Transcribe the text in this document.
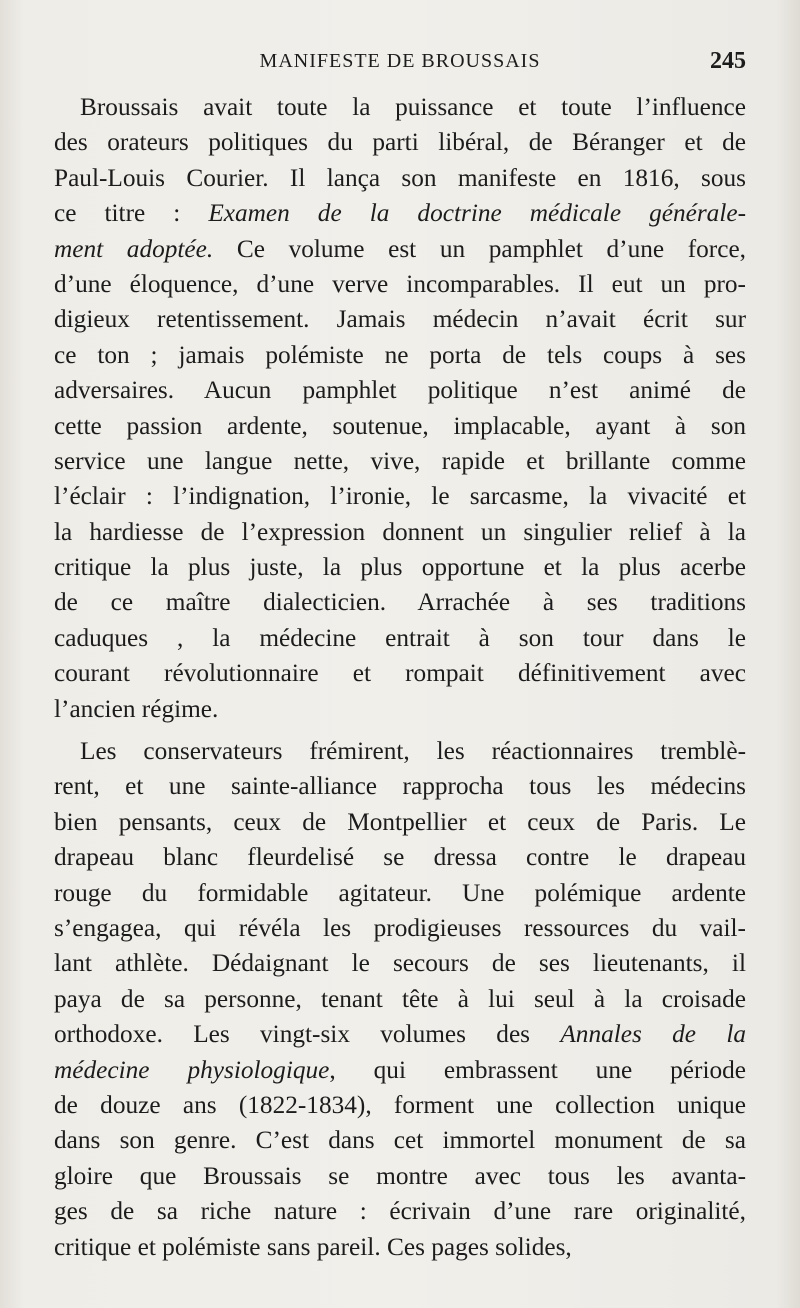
MANIFESTE DE BROUSSAIS	245
Broussais avait toute la puissance et toute l’influence
des orateurs politiques du parti libéral, de Béranger et de
Paul-Louis Courier. Il lança son manifeste en 1816, sous
ce titre : Examen de la doctrine médicale générale-
ment adoptée. Ce volume est un pamphlet d’une force,
d’une éloquence, d’une verve incomparables. Il eut un pro-
digieux retentissement. Jamais médecin n’avait écrit sur
ce ton ; jamais polémiste ne porta de tels coups à ses
adversaires. Aucun pamphlet politique n’est animé de
cette passion ardente, soutenue, implacable, ayant à son
service une langue nette, vive, rapide et brillante comme
l’éclair : l’indignation, l’ironie, le sarcasme, la vivacité et
la hardiesse de l’expression donnent un singulier relief à la
critique la plus juste, la plus opportune et la plus acerbe
de ce maître dialecticien. Arrachée à ses traditions
caduques , la médecine entrait à son tour dans le
courant révolutionnaire et rompait définitivement avec
l’ancien régime.
Les conservateurs frémirent, les réactionnaires tremblè-
rent, et une sainte-alliance rapprocha tous les médecins
bien pensants, ceux de Montpellier et ceux de Paris. Le
drapeau blanc fleurdelisé se dressa contre le drapeau
rouge du formidable agitateur. Une polémique ardente
s’engagea, qui révéla les prodigieuses ressources du vail-
lant athlète. Dédaignant le secours de ses lieutenants, il
paya de sa personne, tenant tête à lui seul à la croisade
orthodoxe. Les vingt-six volumes des Annales de la
médecine physiologique, qui embrassent une période
de douze ans (1822-1834), forment une collection unique
dans son genre. C’est dans cet immortel monument de sa
gloire que Broussais se montre avec tous les avanta-
ges de sa riche nature : écrivain d’une rare originalité,
critique et polémiste sans pareil. Ces pages solides,
